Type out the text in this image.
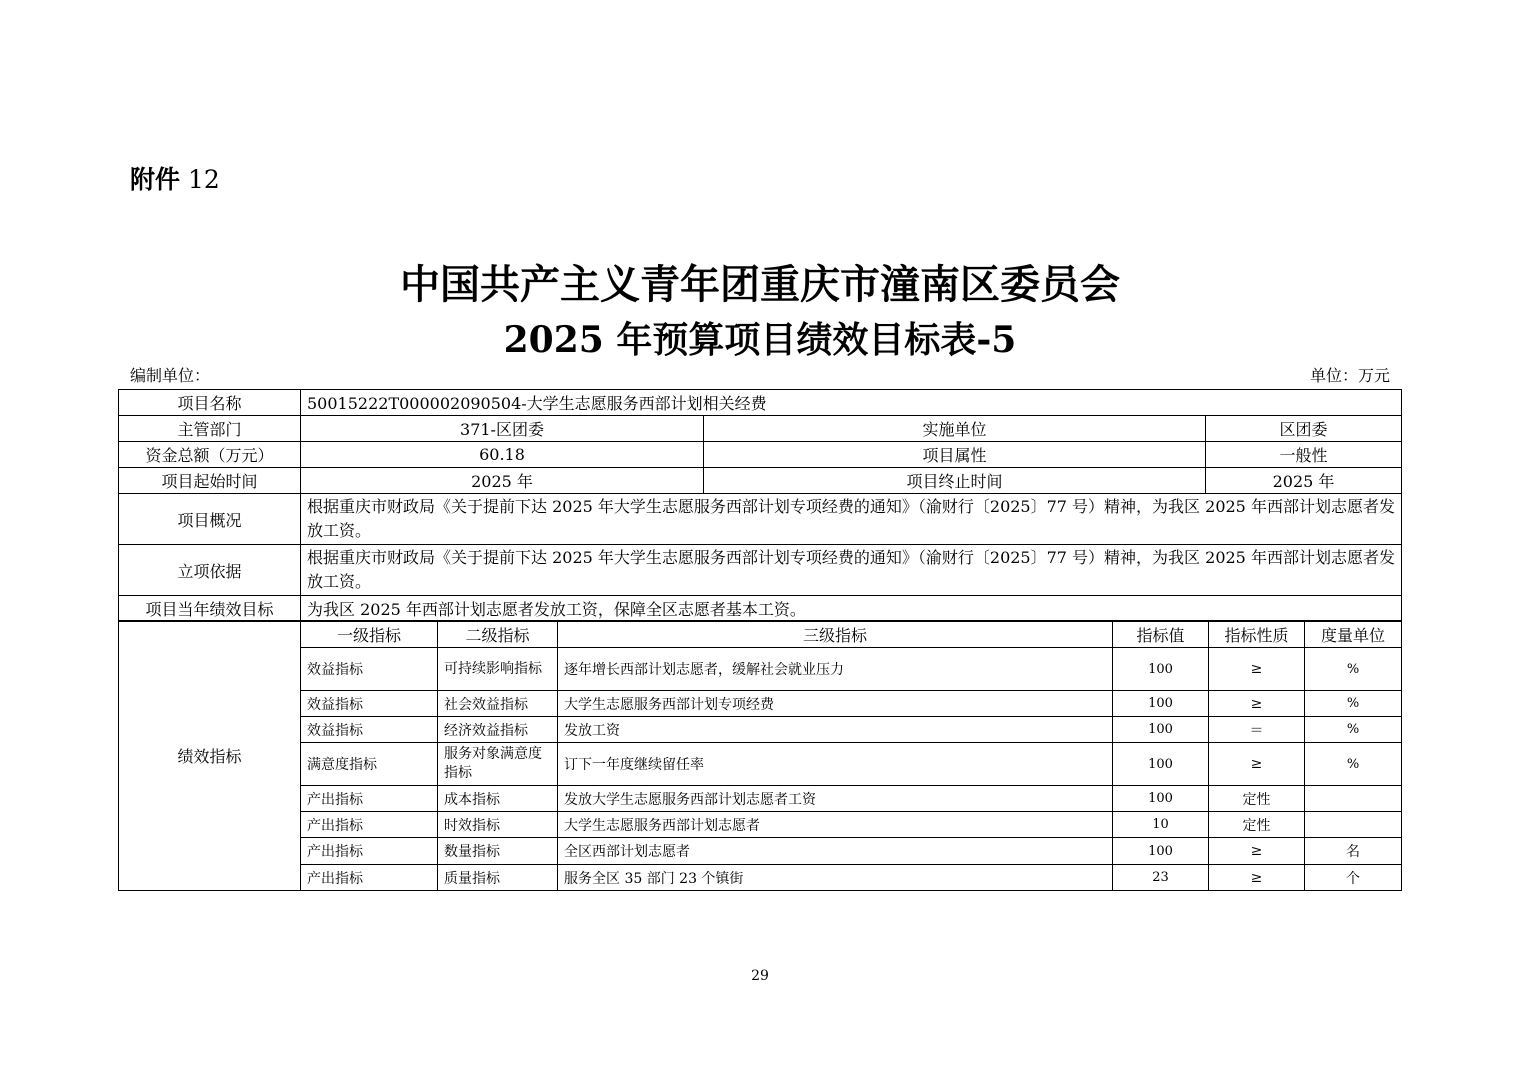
附件 12
中国共产主义青年团重庆市潼南区委员会
2025 年预算项目绩效目标表-5
编制单位：	单位：万元
项目名称	50015222T000002090504-大学生志愿服务西部计划相关经费		
主管部门	371-区团委	实施单位	区团委
资金总额（万元）	60.18	项目属性	一般性
项目起始时间	2025 年	项目终止时间	2025 年
项目概况	根据重庆市财政局《关于提前下达 2025 年大学生志愿服务西部计划专项经费的通知》（渝财行〔2025〕77 号）精神，为我区 2025 年西部计划志愿者发放工资。		
立项依据	根据重庆市财政局《关于提前下达 2025 年大学生志愿服务西部计划专项经费的通知》（渝财行〔2025〕77 号）精神，为我区 2025 年西部计划志愿者发放工资。		
项目当年绩效目标	为我区 2025 年西部计划志愿者发放工资，保障全区志愿者基本工资。		
绩效指标	一级指标	二级指标	三级指标	指标值	指标性质	度量单位
	效益指标	可持续影响指标	逐年增长西部计划志愿者，缓解社会就业压力	100	≥	%
	效益指标	社会效益指标	大学生志愿服务西部计划专项经费	100	≥	%
	效益指标	经济效益指标	发放工资	100	＝	%
	满意度指标	服务对象满意度指标	订下一年度继续留任率	100	≥	%
	产出指标	成本指标	发放大学生志愿服务西部计划志愿者工资	100	定性	
	产出指标	时效指标	大学生志愿服务西部计划志愿者	10	定性	
	产出指标	数量指标	全区西部计划志愿者	100	≥	名
	产出指标	质量指标	服务全区 35 部门 23 个镇街	23	≥	个
29
